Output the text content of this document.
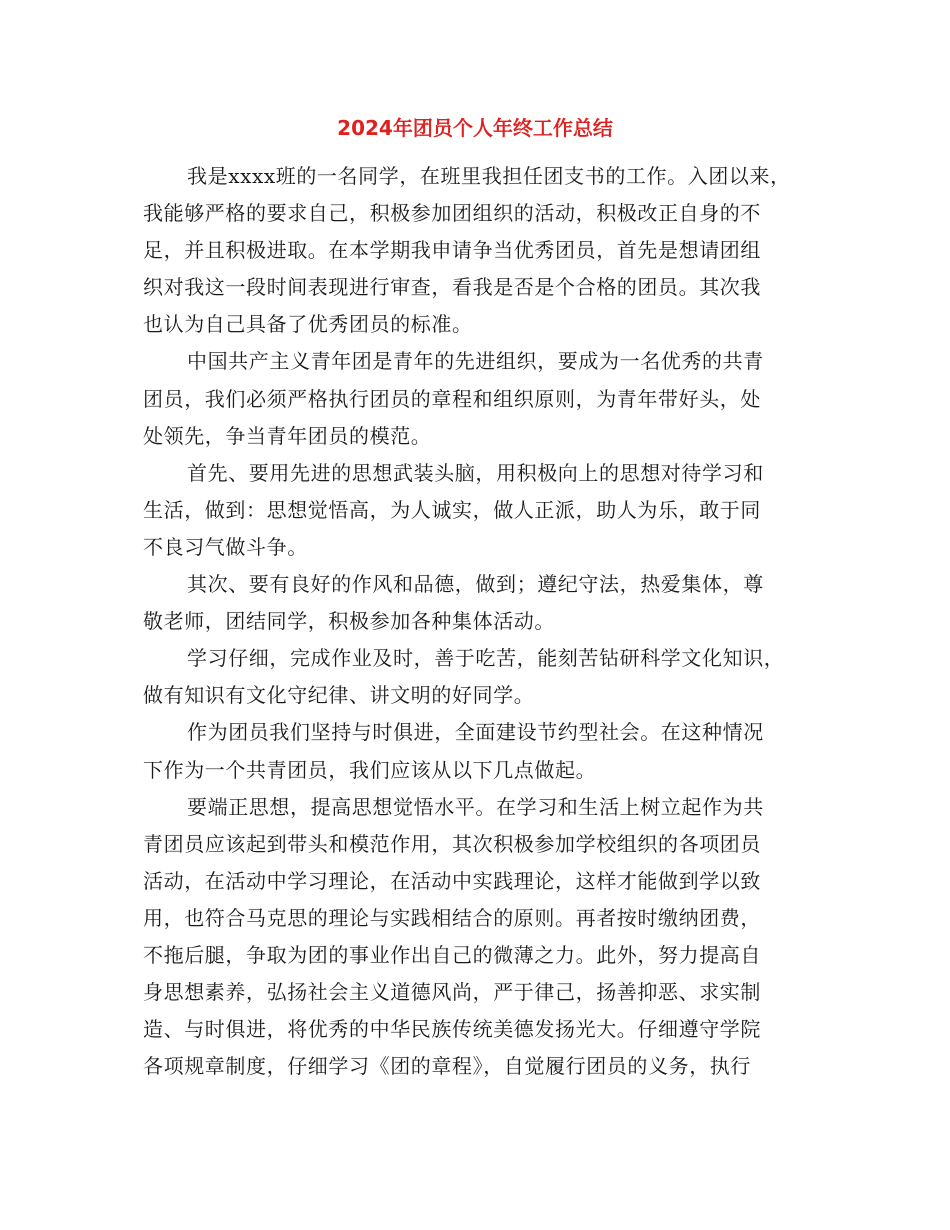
2024年团员个人年终工作总结
我是xxxx班的一名同学，在班里我担任团支书的工作。入团以来，
我能够严格的要求自己，积极参加团组织的活动，积极改正自身的不
足，并且积极进取。在本学期我申请争当优秀团员，首先是想请团组
织对我这一段时间表现进行审查，看我是否是个合格的团员。其次我
也认为自己具备了优秀团员的标准。
中国共产主义青年团是青年的先进组织，要成为一名优秀的共青
团员，我们必须严格执行团员的章程和组织原则，为青年带好头，处
处领先，争当青年团员的模范。
首先、要用先进的思想武装头脑，用积极向上的思想对待学习和
生活，做到：思想觉悟高，为人诚实，做人正派，助人为乐，敢于同
不良习气做斗争。
其次、要有良好的作风和品德，做到；遵纪守法，热爱集体，尊
敬老师，团结同学，积极参加各种集体活动。
学习仔细，完成作业及时，善于吃苦，能刻苦钻研科学文化知识，
做有知识有文化守纪律、讲文明的好同学。
作为团员我们坚持与时俱进，全面建设节约型社会。在这种情况
下作为一个共青团员，我们应该从以下几点做起。
要端正思想，提高思想觉悟水平。在学习和生活上树立起作为共
青团员应该起到带头和模范作用，其次积极参加学校组织的各项团员
活动，在活动中学习理论，在活动中实践理论，这样才能做到学以致
用，也符合马克思的理论与实践相结合的原则。再者按时缴纳团费，
不拖后腿，争取为团的事业作出自己的微薄之力。此外，努力提高自
身思想素养，弘扬社会主义道德风尚，严于律己，扬善抑恶、求实制
造、与时俱进，将优秀的中华民族传统美德发扬光大。仔细遵守学院
各项规章制度，仔细学习《团的章程》，自觉履行团员的义务，执行
